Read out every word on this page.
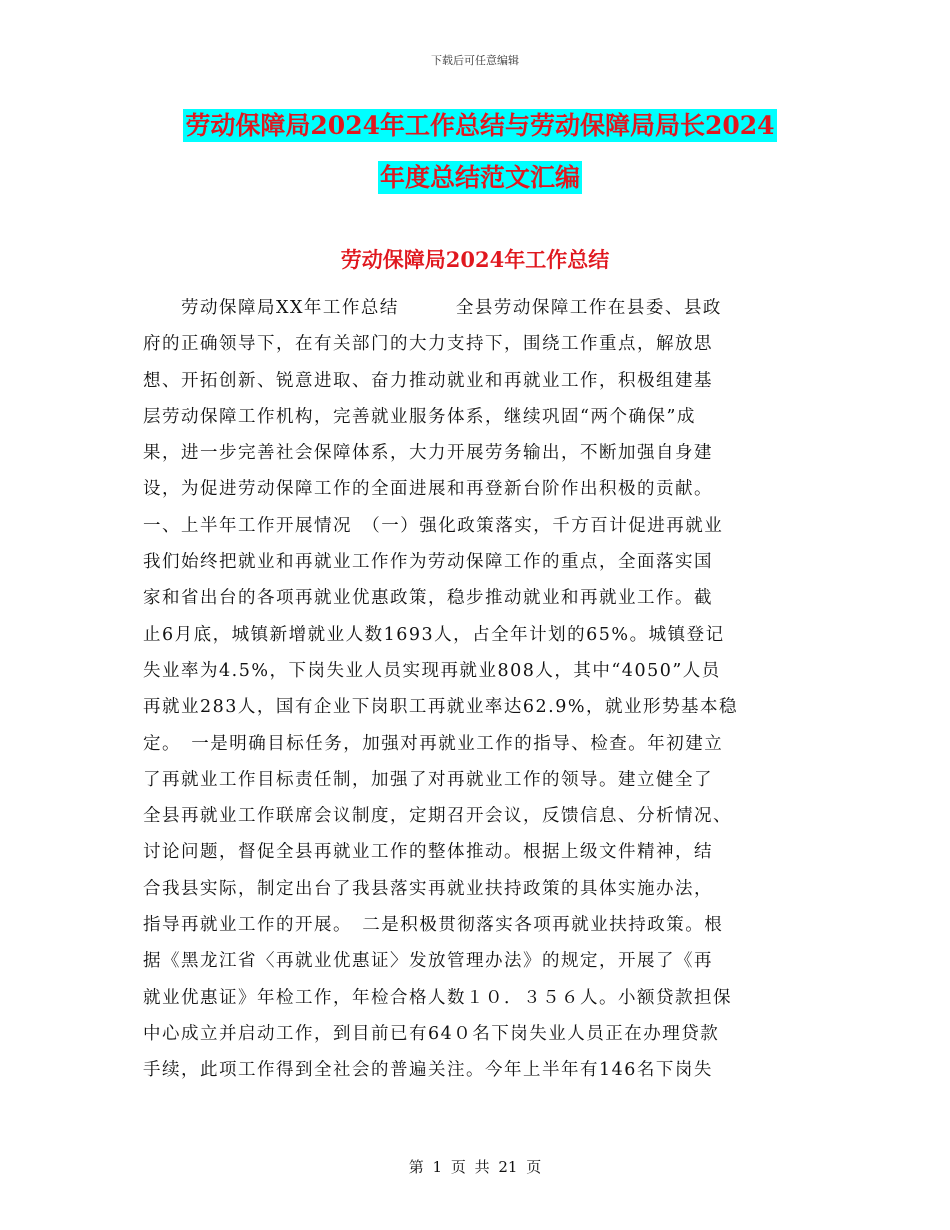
下载后可任意编辑
劳动保障局2024年工作总结与劳动保障局局长2024
年度总结范文汇编
劳动保障局2024年工作总结
　　劳动保障局XX年工作总结　　　全县劳动保障工作在县委、县政
府的正确领导下，在有关部门的大力支持下，围绕工作重点，解放思
想、开拓创新、锐意进取、奋力推动就业和再就业工作，积极组建基
层劳动保障工作机构，完善就业服务体系，继续巩固“两个确保”成
果，进一步完善社会保障体系，大力开展劳务输出，不断加强自身建
设，为促进劳动保障工作的全面进展和再登新台阶作出积极的贡献。
一、上半年工作开展情况　（一）强化政策落实，千方百计促进再就业
我们始终把就业和再就业工作作为劳动保障工作的重点，全面落实国
家和省出台的各项再就业优惠政策，稳步推动就业和再就业工作。截
止6月底，城镇新增就业人数1693人，占全年计划的65%。城镇登记
失业率为4.5%，下岗失业人员实现再就业808人，其中“4050”人员
再就业283人，国有企业下岗职工再就业率达62.9%，就业形势基本稳
定。　一是明确目标任务，加强对再就业工作的指导、检查。年初建立
了再就业工作目标责任制，加强了对再就业工作的领导。建立健全了
全县再就业工作联席会议制度，定期召开会议，反馈信息、分析情况、
讨论问题，督促全县再就业工作的整体推动。根据上级文件精神，结
合我县实际，制定出台了我县落实再就业扶持政策的具体实施办法，
指导再就业工作的开展。　二是积极贯彻落实各项再就业扶持政策。根
据《黑龙江省〈再就业优惠证〉发放管理办法》的规定，开展了《再
就业优惠证》年检工作，年检合格人数１０．３５６人。小额贷款担保
中心成立并启动工作，到目前已有64０名下岗失业人员正在办理贷款
手续，此项工作得到全社会的普遍关注。今年上半年有146名下岗失
第 1 页 共 21 页
